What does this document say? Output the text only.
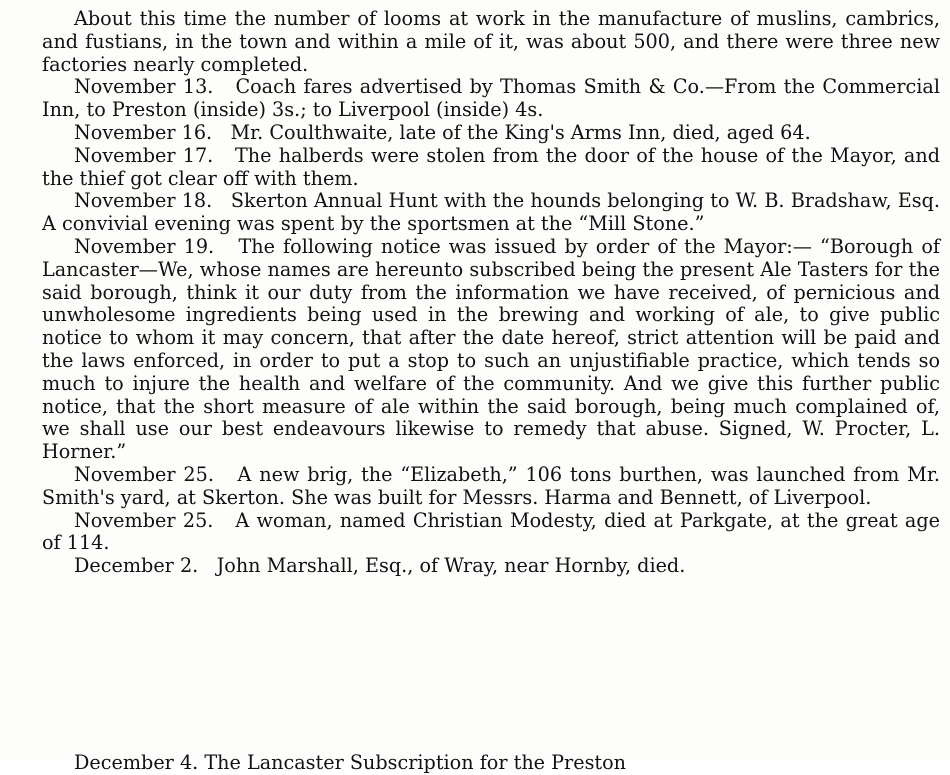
About this time the number of looms at work in the manufacture of muslins, cambrics, and fustians, in the town and within a mile of it, was about 500, and there were three new factories nearly completed.

November 13. Coach fares advertised by Thomas Smith & Co.—From the Commercial Inn, to Preston (inside) 3s.; to Liverpool (inside) 4s.

November 16. Mr. Coulthwaite, late of the King's Arms Inn, died, aged 64.

November 17. The halberds were stolen from the door of the house of the Mayor, and the thief got clear off with them.

November 18. Skerton Annual Hunt with the hounds belonging to W. B. Bradshaw, Esq. A convivial evening was spent by the sportsmen at the “Mill Stone.”

November 19. The following notice was issued by order of the Mayor:— “Borough of Lancaster—We, whose names are hereunto subscribed being the present Ale Tasters for the said borough, think it our duty from the information we have received, of pernicious and unwholesome ingredients being used in the brewing and working of ale, to give public notice to whom it may concern, that after the date hereof, strict attention will be paid and the laws enforced, in order to put a stop to such an unjustifiable practice, which tends so much to injure the health and welfare of the community. And we give this further public notice, that the short measure of ale within the said borough, being much complained of, we shall use our best endeavours likewise to remedy that abuse. Signed, W. Procter, L. Horner.”

November 25. A new brig, the “Elizabeth,” 106 tons burthen, was launched from Mr. Smith's yard, at Skerton. She was built for Messrs. Harma and Bennett, of Liverpool.

November 25. A woman, named Christian Modesty, died at Parkgate, at the great age of 114.

December 2. John Marshall, Esq., of Wray, near Hornby, died.

December 4. The Lancaster Subscription for the Preston
